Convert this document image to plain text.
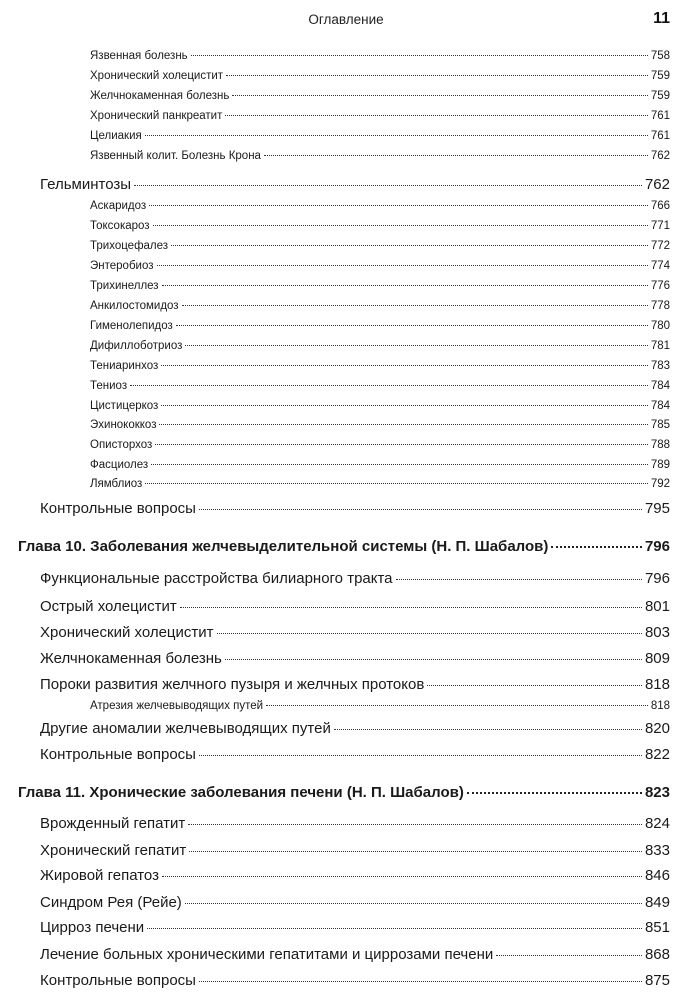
Оглавление	11
Язвенная болезнь	758
Хронический холецистит	759
Желчнокаменная болезнь	759
Хронический панкреатит	761
Целиакия	761
Язвенный колит. Болезнь Крона	762
Гельминтозы	762
Аскаридоз	766
Токсокароз	771
Трихоцефалез	772
Энтеробиоз	774
Трихинеллез	776
Анкилостомидоз	778
Гименолепидоз	780
Дифиллоботриоз	781
Тениаринхоз	783
Тениоз	784
Цистицеркоз	784
Эхинококкоз	785
Описторхоз	788
Фасциолез	789
Лямблиоз	792
Контрольные вопросы	795
Глава 10. Заболевания желчевыделительной системы (Н. П. Шабалов)	796
Функциональные расстройства билиарного тракта	796
Острый холецистит	801
Хронический холецистит	803
Желчнокаменная болезнь	809
Пороки развития желчного пузыря и желчных протоков	818
Атрезия желчевыводящих путей	818
Другие аномалии желчевыводящих путей	820
Контрольные вопросы	822
Глава 11. Хронические заболевания печени (Н. П. Шабалов)	823
Врожденный гепатит	824
Хронический гепатит	833
Жировой гепатоз	846
Синдром Рея (Рейе)	849
Цирроз печени	851
Лечение больных хроническими гепатитами и циррозами печени	868
Контрольные вопросы	875
